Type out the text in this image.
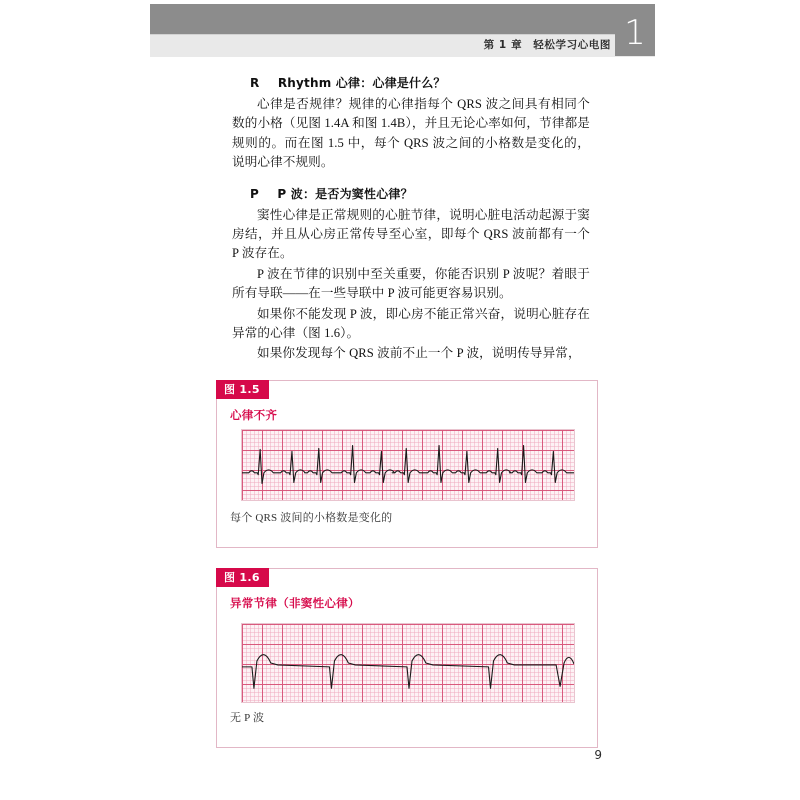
第 1 章　轻松学习心电图 1
R  Rhythm 心律：心律是什么？

心律是否规律？规律的心律指每个 QRS 波之间具有相同个数的小格（见图 1.4A 和图 1.4B），并且无论心率如何，节律都是规则的。而在图 1.5 中，每个 QRS 波之间的小格数是变化的，说明心律不规则。

P  P 波：是否为窦性心律？

窦性心律是正常规则的心脏节律，说明心脏电活动起源于窦房结，并且从心房正常传导至心室，即每个 QRS 波前都有一个 P 波存在。

P 波在节律的识别中至关重要，你能否识别 P 波呢？着眼于所有导联——在一些导联中 P 波可能更容易识别。

如果你不能发现 P 波，即心房不能正常兴奋，说明心脏存在异常的心律（图 1.6）。

如果你发现每个 QRS 波前不止一个 P 波，说明传导异常，

图 1.5
心律不齐
每个 QRS 波间的小格数是变化的
图 1.6
异常节律（非窦性心律）
无 P 波
9
